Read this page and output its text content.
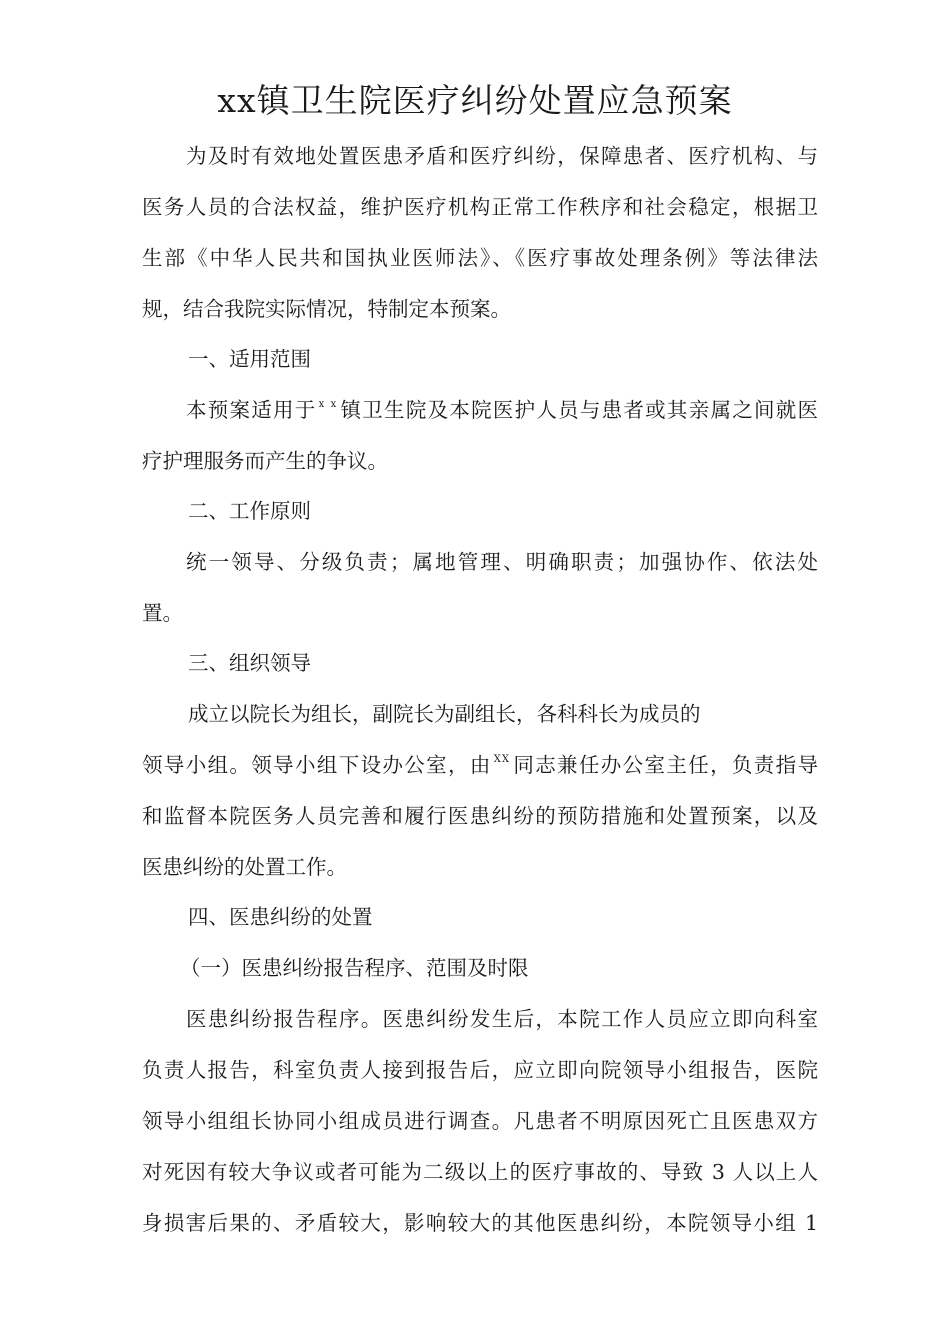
xx镇卫生院医疗纠纷处置应急预案

为及时有效地处置医患矛盾和医疗纠纷，保障患者、医疗机构、与

医务人员的合法权益，维护医疗机构正常工作秩序和社会稳定，根据卫

生部《中华人民共和国执业医师法》、《医疗事故处理条例》等法律法

规，结合我院实际情况，特制定本预案。

一、适用范围

本预案适用于 $^{x x}$镇卫生院及本院医护人员与患者或其亲属之间就医

疗护理服务而产生的争议。

二、工作原则

统一领导、分级负责；属地管理、明确职责；加强协作、依法处

置。

三、组织领导

成立以院长为组长，副院长为副组长，各科科长为成员的

领导小组。领导小组下设办公室，由 $^{XX}$同志兼任办公室主任，负责指导

和监督本院医务人员完善和履行医患纠纷的预防措施和处置预案，以及

医患纠纷的处置工作。

四、医患纠纷的处置

（一）医患纠纷报告程序、范围及时限

医患纠纷报告程序。医患纠纷发生后，本院工作人员应立即向科室

负责人报告，科室负责人接到报告后，应立即向院领导小组报告，医院

领导小组组长协同小组成员进行调查。凡患者不明原因死亡且医患双方

对死因有较大争议或者可能为二级以上的医疗事故的、导致 3 人以上人

身损害后果的、矛盾较大，影响较大的其他医患纠纷，本院领导小组 1
